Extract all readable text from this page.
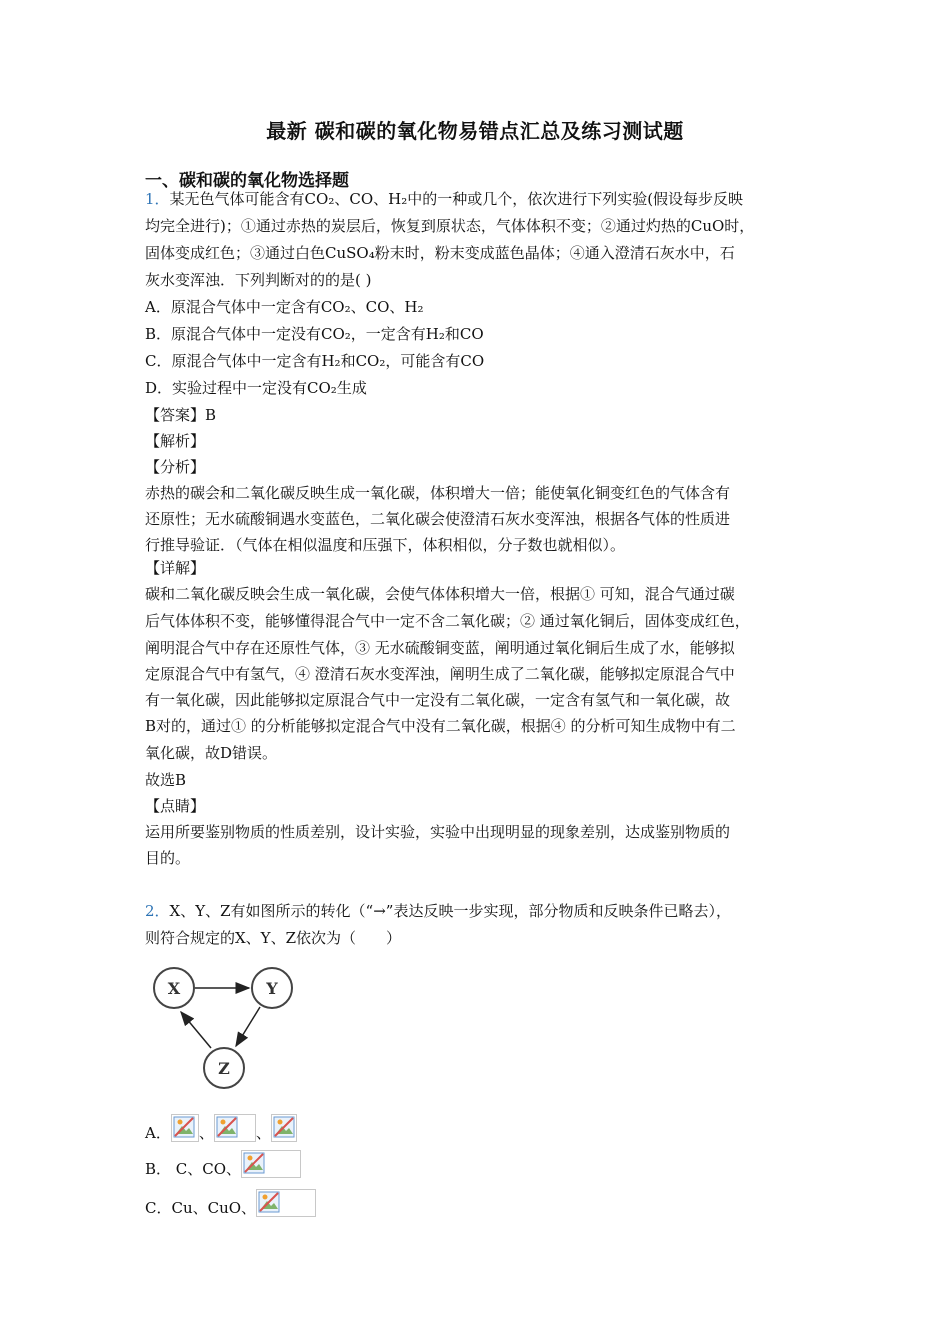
最新 碳和碳的氧化物易错点汇总及练习测试题
一、碳和碳的氧化物选择题
1．某无色气体可能含有CO₂、CO、H₂中的一种或几个，依次进行下列实验(假设每步反映
均完全进行)；①通过赤热的炭层后，恢复到原状态，气体体积不变；②通过灼热的CuO时，
固体变成红色；③通过白色CuSO₄粉末时，粉末变成蓝色晶体；④通入澄清石灰水中，石
灰水变浑浊．下列判断对的的是( )
A．原混合气体中一定含有CO₂、CO、H₂
B．原混合气体中一定没有CO₂，一定含有H₂和CO
C．原混合气体中一定含有H₂和CO₂，可能含有CO
D．实验过程中一定没有CO₂生成
【答案】B
【解析】
【分析】
赤热的碳会和二氧化碳反映生成一氧化碳，体积增大一倍；能使氧化铜变红色的气体含有
还原性；无水硫酸铜遇水变蓝色，二氧化碳会使澄清石灰水变浑浊，根据各气体的性质进
行推导验证．（气体在相似温度和压强下，体积相似，分子数也就相似）。
【详解】
碳和二氧化碳反映会生成一氧化碳，会使气体体积增大一倍，根据① 可知，混合气通过碳
后气体体积不变，能够懂得混合气中一定不含二氧化碳；② 通过氧化铜后，固体变成红色，
阐明混合气中存在还原性气体，③ 无水硫酸铜变蓝，阐明通过氧化铜后生成了水，能够拟
定原混合气中有氢气，④ 澄清石灰水变浑浊，阐明生成了二氧化碳，能够拟定原混合气中
有一氧化碳，因此能够拟定原混合气中一定没有二氧化碳，一定含有氢气和一氧化碳，故
B对的，通过① 的分析能够拟定混合气中没有二氧化碳，根据④ 的分析可知生成物中有二
氧化碳，故D错误。
故选B
【点睛】
运用所要鉴别物质的性质差别，设计实验，实验中出现明显的现象差别，达成鉴别物质的
目的。
2．X、Y、Z有如图所示的转化（“→”表达反映一步实现，部分物质和反映条件已略去），
则符合规定的X、Y、Z依次为（　　）
X	Y
Z
A． 、	、
B． C、CO、
C．Cu、CuO、
